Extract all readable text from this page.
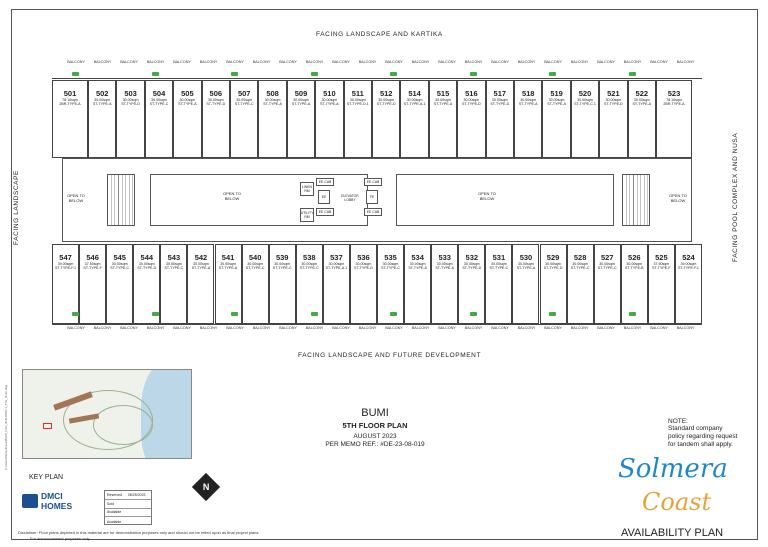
C:\Users\file\Solmera\BUMI_CAD_BUILDING 1_5TH_Bumi.dwg
FACING LANDSCAPE AND KARTIKA
FACING LANDSCAPE AND FUTURE DEVELOPMENT
FACING LANDSCAPE	FACING POOL COMPLEX AND NUSA
OPEN TO BELOW
OPEN TO BELOW
OPEN TO BELOW
OPEN TO BELOW
LINEN RM
UTILITY RM
EE CAB
EE
EE CAB
ELEVATOR LOBBY
EE CAB
FE
EE CAB
501
78.10sqm
2BR-TYPE-A
502
30.00sqm
ST-TYPE-A
503
30.00sqm
ST-TYPE-D
504
30.00sqm
ST-TYPE-C
505
30.00sqm
ST-TYPE-A
506
30.00sqm
ST-TYPE-D
507
30.00sqm
ST-TYPE-C
508
30.00sqm
ST-TYPE-A
509
30.00sqm
ST-TYPE-A
510
30.00sqm
ST-TYPE-A
511
30.00sqm
ST-TYPE-D.1
512
30.00sqm
ST-TYPE-D
514
30.00sqm
ST-TYPE-A.1
515
30.00sqm
ST-TYPE-A
516
30.00sqm
ST-TYPE-D
517
30.00sqm
ST-TYPE-D
518
30.00sqm
ST-TYPE-A
519
30.00sqm
ST-TYPE-A
520
30.00sqm
ST-TYPE-C.1
521
30.00sqm
ST-TYPE-D
522
30.00sqm
ST-TYPE-A
523
78.10sqm
2BR-TYPE-A
547
39.00sqm
ST-TYPE-F.1
546
37.50sqm
ST-TYPE-F
545
30.00sqm
ST-TYPE-C
544
30.00sqm
ST-TYPE-D
543
30.00sqm
ST-TYPE-C
542
30.00sqm
ST-TYPE-A
541
30.00sqm
ST-TYPE-A
540
30.00sqm
ST-TYPE-C
539
30.00sqm
ST-TYPE-C
538
30.00sqm
ST-TYPE-C
537
30.00sqm
ST-TYPE-A.1
536
30.00sqm
ST-TYPE-D
535
30.00sqm
ST-TYPE-C
534
30.00sqm
ST-TYPE-A
533
30.00sqm
ST-TYPE-A
532
30.00sqm
ST-TYPE-D
531
30.00sqm
ST-TYPE-C
530
30.00sqm
ST-TYPE-A
529
30.00sqm
ST-TYPE-D
528
30.00sqm
ST-TYPE-C
527
30.00sqm
ST-TYPE-C
526
30.00sqm
ST-TYPE-B
525
37.50sqm
ST-TYPE-F
524
39.00sqm
ST-TYPE-F.1
BALCONY	BALCONY	BALCONY	BALCONY	BALCONY	BALCONY	BALCONY	BALCONY	BALCONY	BALCONY	BALCONY	BALCONY	BALCONY	BALCONY	BALCONY	BALCONY	BALCONY	BALCONY	BALCONY	BALCONY	BALCONY	BALCONY	BALCONY	BALCONY
BALCONY	BALCONY	BALCONY	BALCONY	BALCONY	BALCONY	BALCONY	BALCONY	BALCONY	BALCONY	BALCONY	BALCONY	BALCONY	BALCONY	BALCONY	BALCONY	BALCONY	BALCONY	BALCONY	BALCONY	BALCONY	BALCONY	BALCONY	BALCONY
KEY PLAN
DMCI HOMES
Reserved 08/25/2023
Sold
Available
Available
N
BUMI
5TH FLOOR PLAN
AUGUST 2023
PER MEMO REF.: #DE-23-08-019
NOTE:
Standard company policy regarding request for tandem shall apply.
Solmera
Coast
AVAILABILITY PLAN
Disclaimer: Floor plans depicted in this material are for demonstration purposes only and should not be relied upon as final project plans.
For announcement purposes only.
